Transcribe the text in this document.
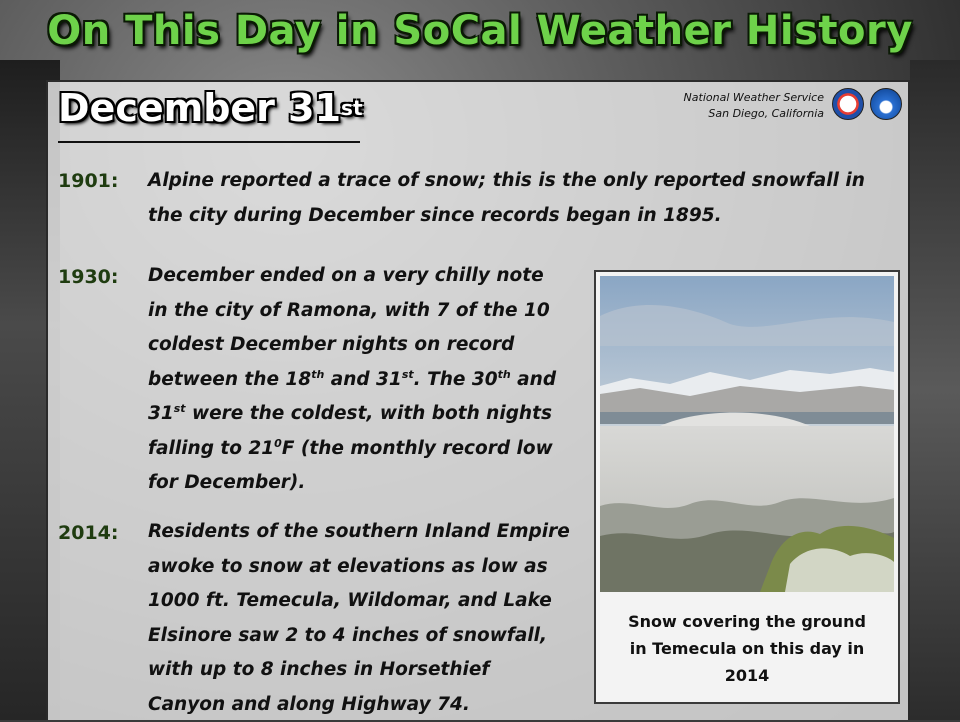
On This Day in SoCal Weather History
December 31st	National Weather Service
San Diego, California
1901: Alpine reported a trace of snow; this is the only reported snowfall in
the city during December since records began in 1895.
1930: December ended on a very chilly note
in the city of Ramona, with 7 of the 10
coldest December nights on record
between the 18th and 31st. The 30th and
31st were the coldest, with both nights
falling to $21^0F$ (the monthly record low
for December).
2014: Residents of the southern Inland Empire
awoke to snow at elevations as low as
1000 ft. Temecula, Wildomar, and Lake
Elsinore saw 2 to 4 inches of snowfall,
with up to 8 inches in Horsethief
Canyon and along Highway 74.
Snow covering the ground
in Temecula on this day in
2014
